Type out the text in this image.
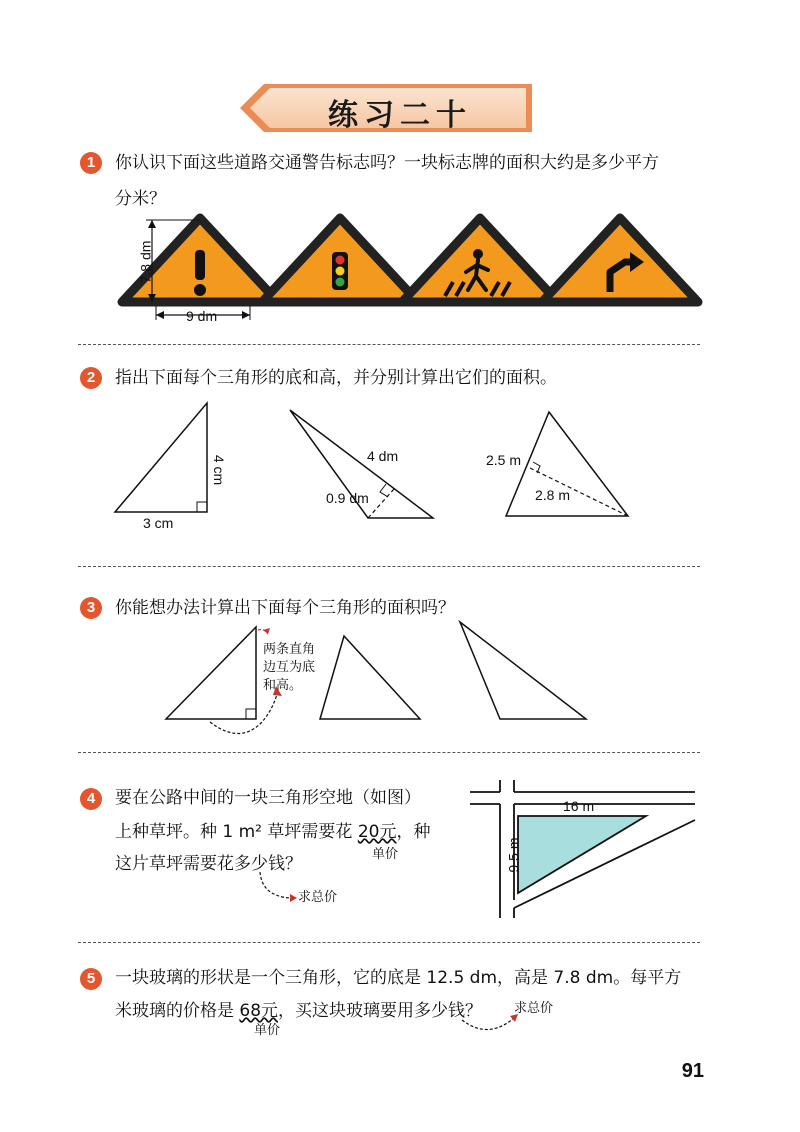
练习二十
1	你认识下面这些道路交通警告标志吗？一块标志牌的面积大约是多少平方
分米？
7.8 dm
9 dm
2	指出下面每个三角形的底和高，并分别计算出它们的面积。
4 cm
3 cm
4 dm
0.9 dm
2.5 m
2.8 m
3	你能想办法计算出下面每个三角形的面积吗？
两条直角
边互为底
和高。
4	要在公路中间的一块三角形空地（如图）
上种草坪。种 1 m² 草坪需要花 20元，种
单价
这片草坪需要花多少钱？
求总价
16 m
9.5 m
5	一块玻璃的形状是一个三角形，它的底是 12.5 dm，高是 7.8 dm。每平方
米玻璃的价格是 68元，买这块玻璃要用多少钱？
单价
求总价
91
